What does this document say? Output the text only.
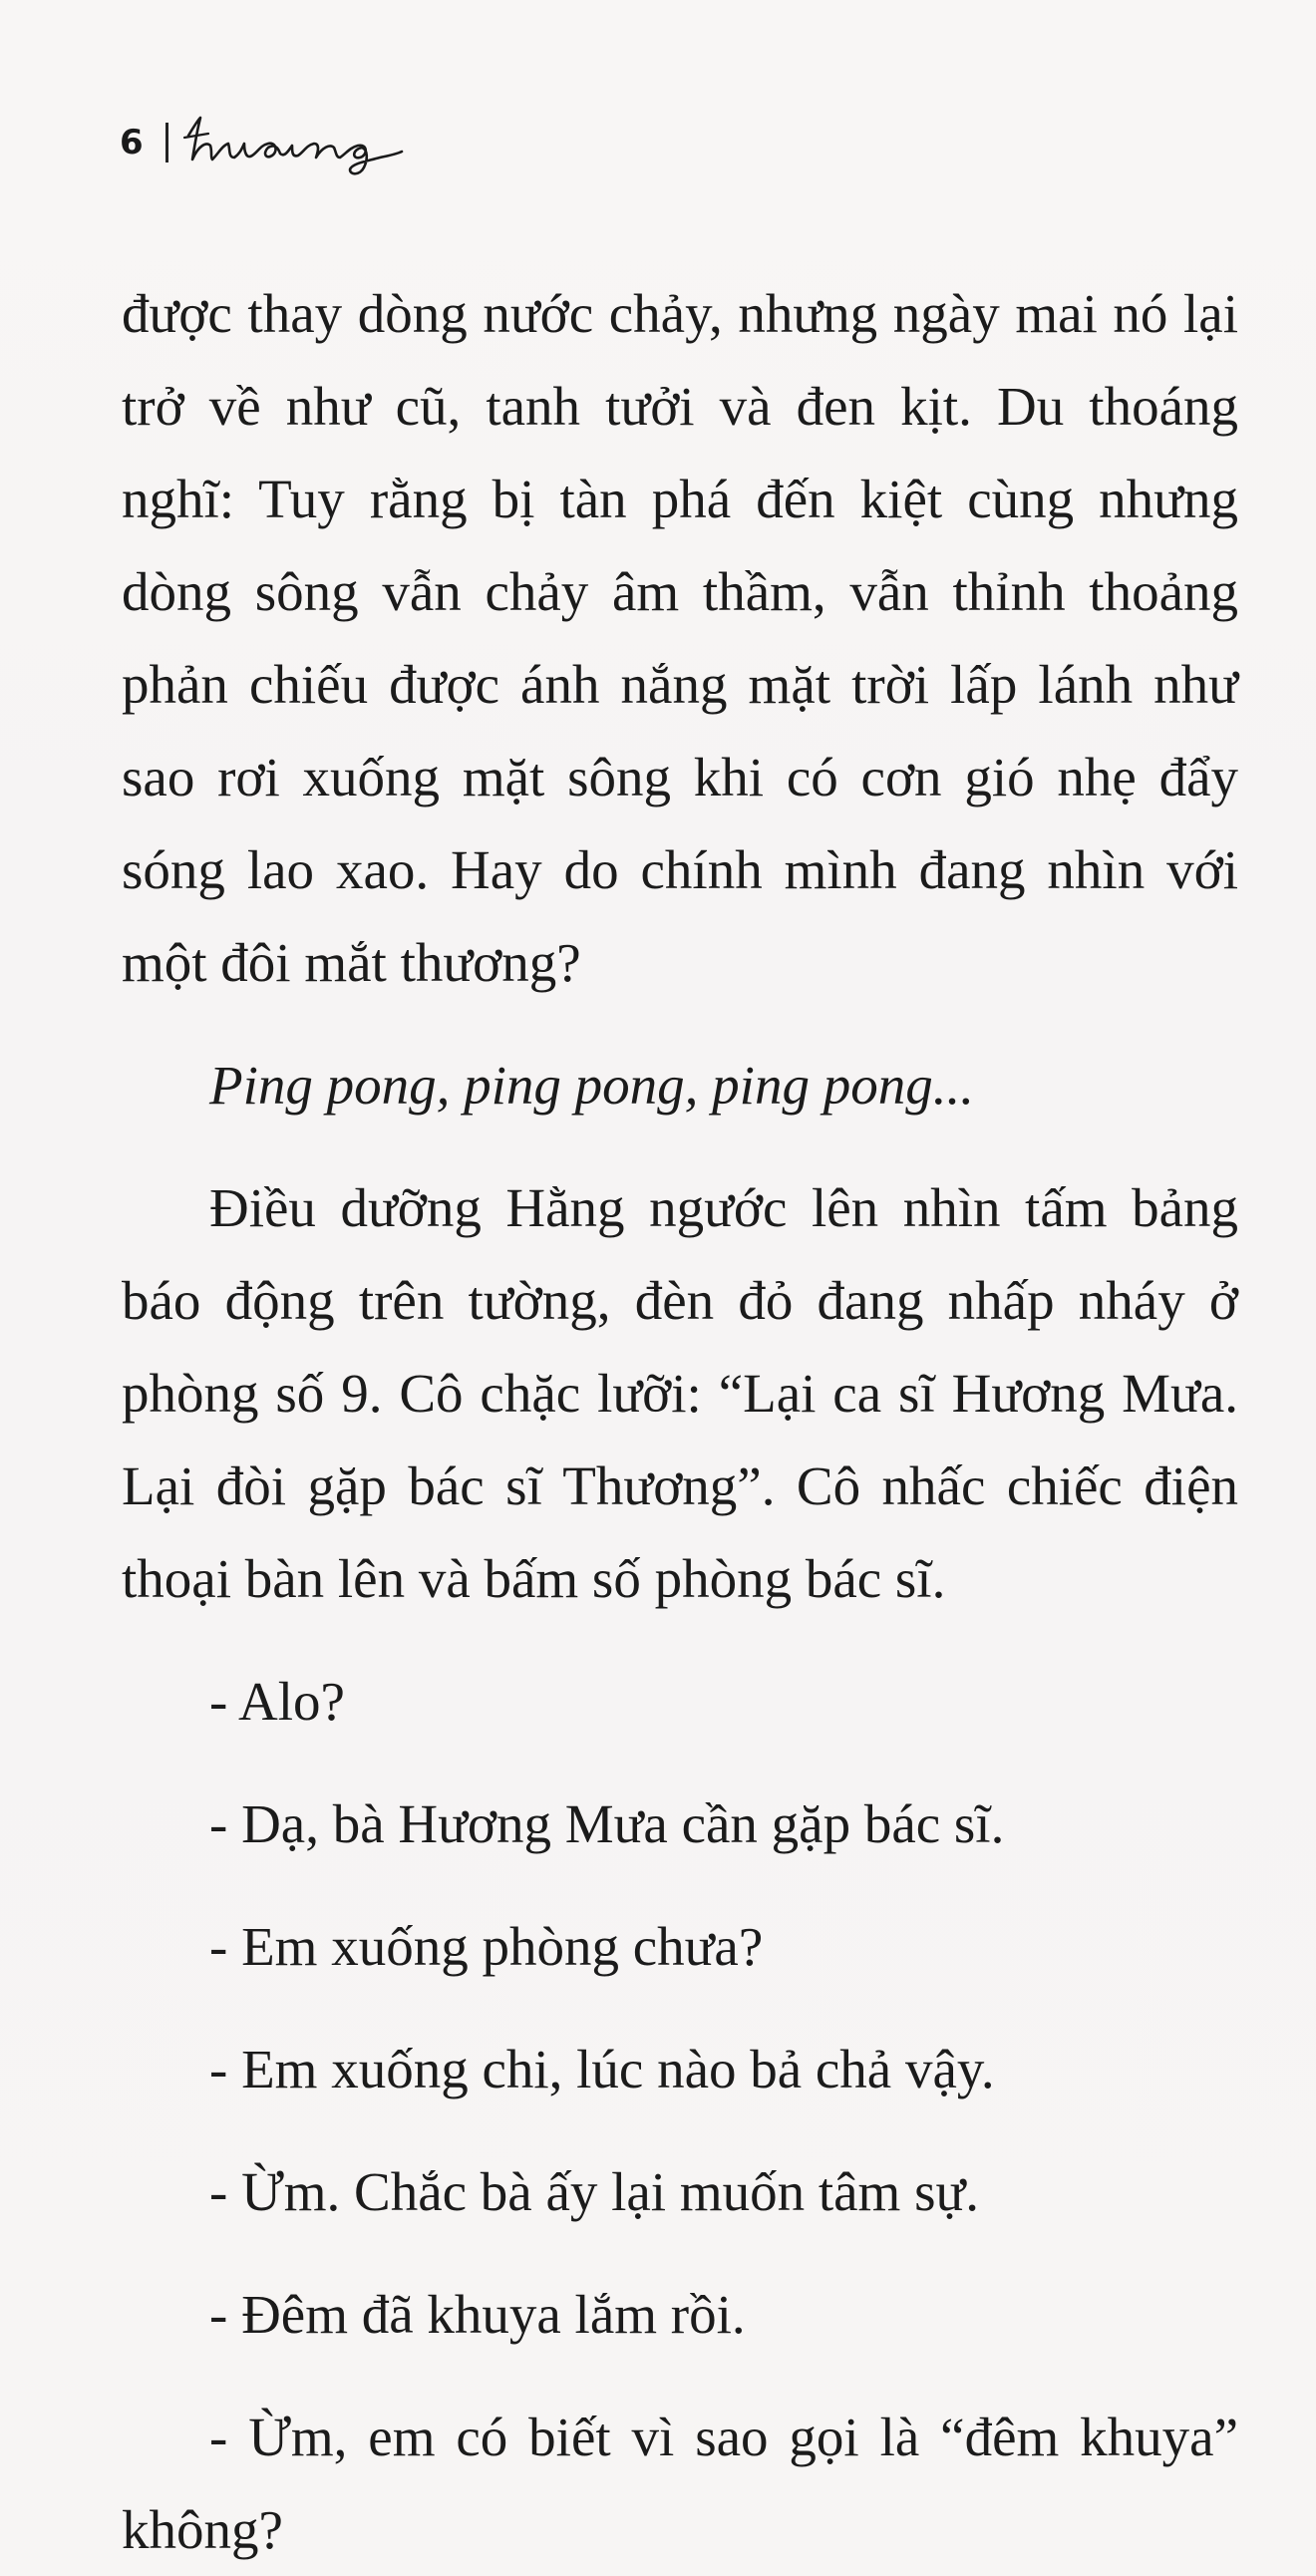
6

được thay dòng nước chảy, nhưng ngày mai nó lại trở về như cũ, tanh tưởi và đen kịt. Du thoáng nghĩ: Tuy rằng bị tàn phá đến kiệt cùng nhưng dòng sông vẫn chảy âm thầm, vẫn thỉnh thoảng phản chiếu được ánh nắng mặt trời lấp lánh như sao rơi xuống mặt sông khi có cơn gió nhẹ đẩy sóng lao xao. Hay do chính mình đang nhìn với một đôi mắt thương?

Ping pong, ping pong, ping pong...

Điều dưỡng Hằng ngước lên nhìn tấm bảng báo động trên tường, đèn đỏ đang nhấp nháy ở phòng số 9. Cô chặc lưỡi: “Lại ca sĩ Hương Mưa. Lại đòi gặp bác sĩ Thương”. Cô nhấc chiếc điện thoại bàn lên và bấm số phòng bác sĩ.

- Alo?

- Dạ, bà Hương Mưa cần gặp bác sĩ.

- Em xuống phòng chưa?

- Em xuống chi, lúc nào bả chả vậy.

- Ừm. Chắc bà ấy lại muốn tâm sự.

- Đêm đã khuya lắm rồi.

- Ừm, em có biết vì sao gọi là “đêm khuya” không?
